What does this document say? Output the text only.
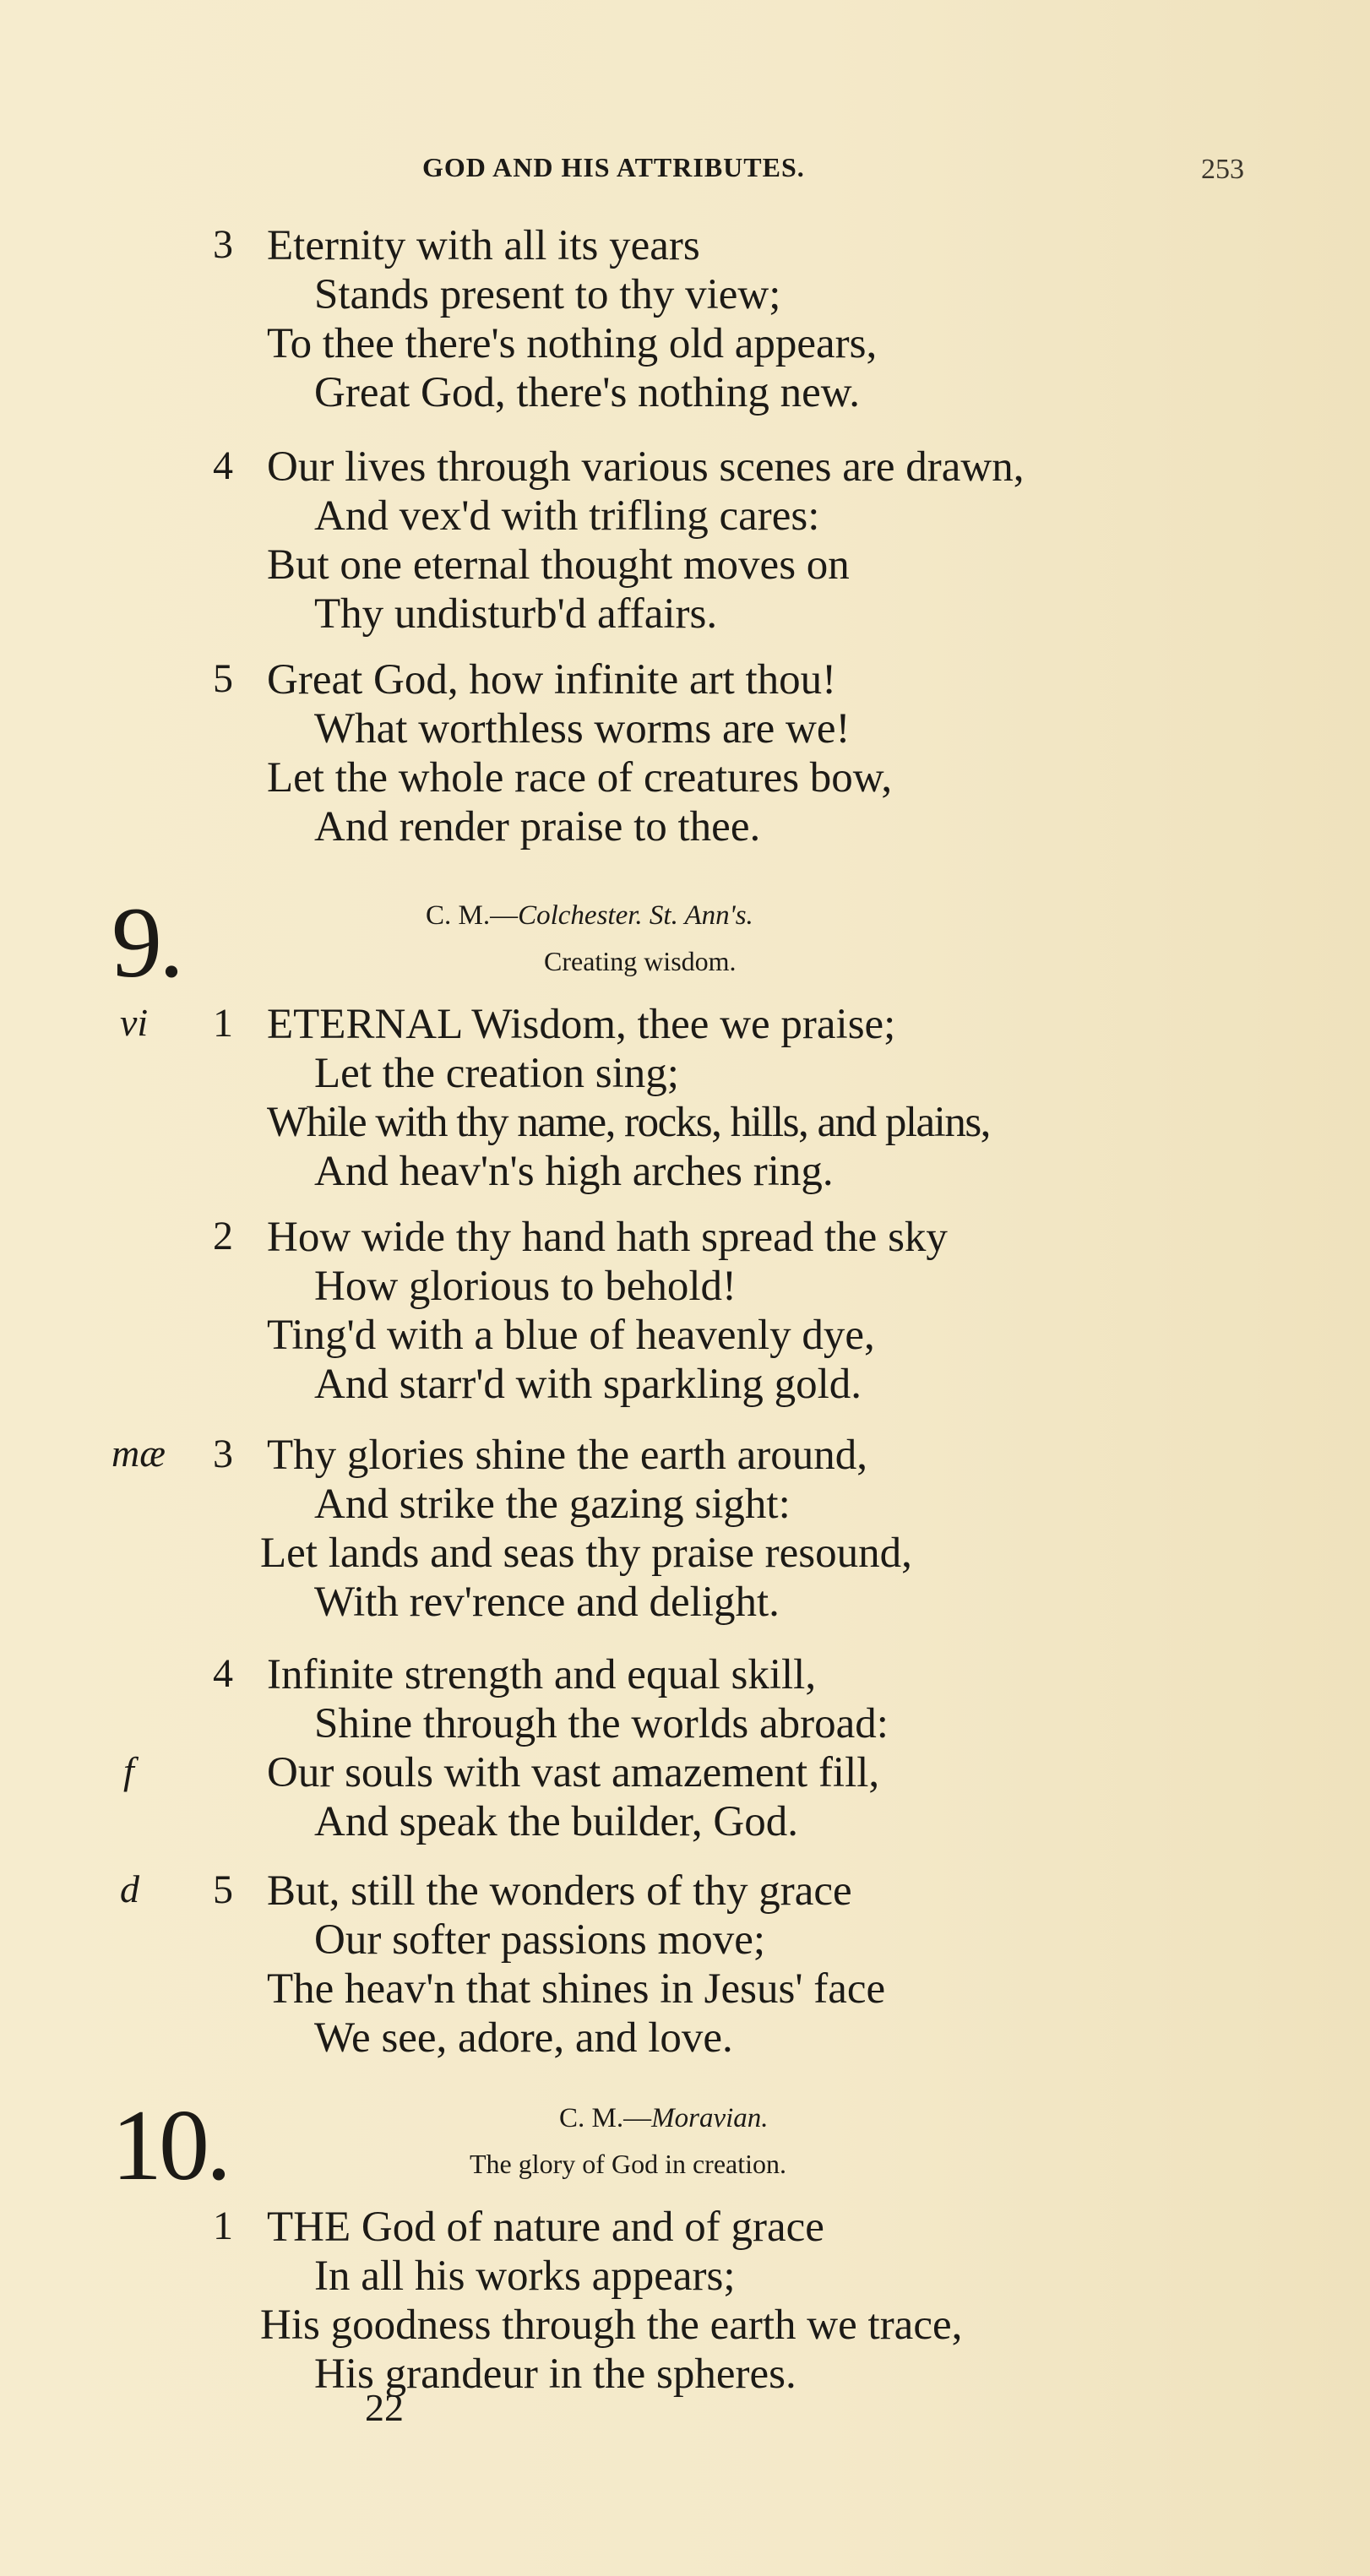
GOD AND HIS ATTRIBUTES.	253
3 Eternity with all its years
Stands present to thy view;
To thee there's nothing old appears,
Great God, there's nothing new.
4 Our lives through various scenes are drawn,
And vex'd with trifling cares:
But one eternal thought moves on
Thy undisturb'd affairs.
5 Great God, how infinite art thou!
What worthless worms are we!
Let the whole race of creatures bow,
And render praise to thee.
9.	C. M.—Colchester. St. Ann's.
Creating wisdom.
vi 1 ETERNAL Wisdom, thee we praise;
Let the creation sing;
While with thy name, rocks, hills, and plains,
And heav'n's high arches ring.
2 How wide thy hand hath spread the sky
How glorious to behold!
Ting'd with a blue of heavenly dye,
And starr'd with sparkling gold.
mæ 3 Thy glories shine the earth around,
And strike the gazing sight:
Let lands and seas thy praise resound,
With rev'rence and delight.
4 Infinite strength and equal skill,
Shine through the worlds abroad:
f	Our souls with vast amazement fill,
And speak the builder, God.
d 5 But, still the wonders of thy grace
Our softer passions move;
The heav'n that shines in Jesus' face
We see, adore, and love.
10.	C. M.—Moravian.
The glory of God in creation.
1 THE God of nature and of grace
In all his works appears;
His goodness through the earth we trace,
His grandeur in the spheres.
22
